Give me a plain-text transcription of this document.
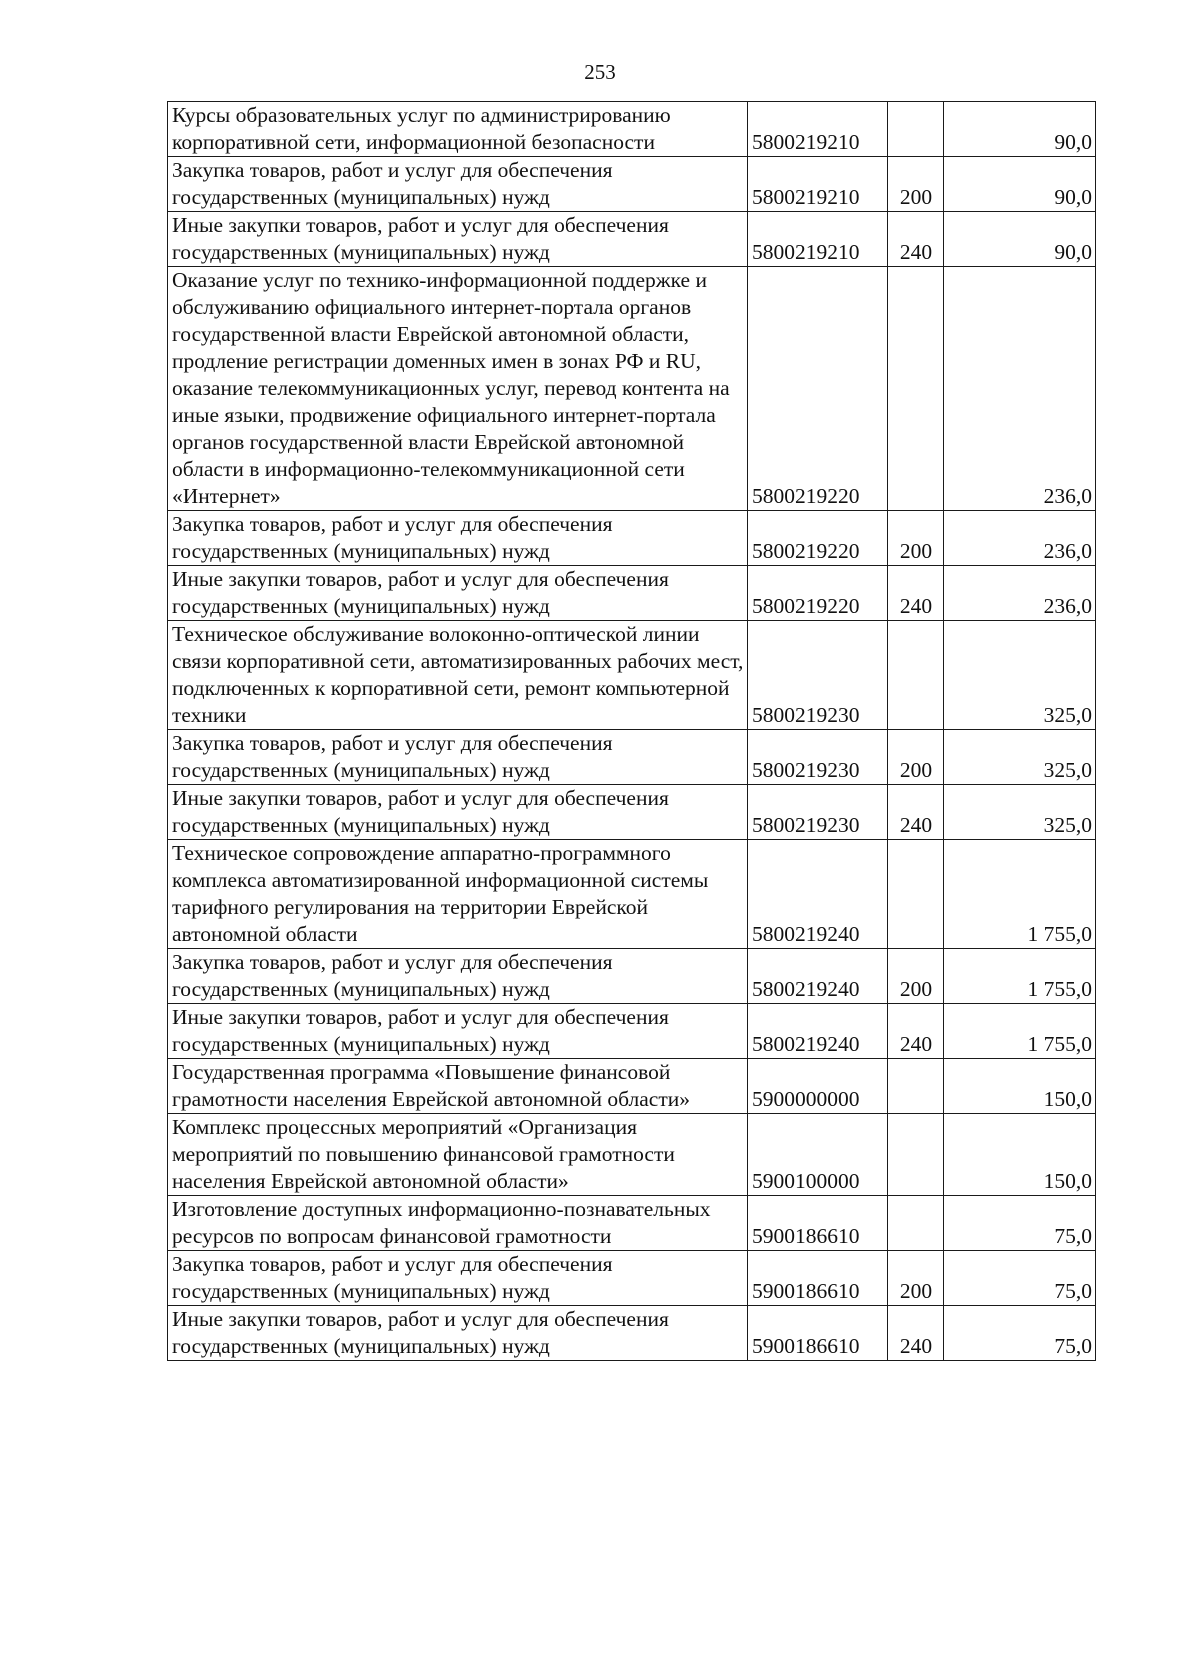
253
Курсы образовательных услуг по администрированию корпоративной сети, информационной безопасности	5800219210		90,0
Закупка товаров, работ и услуг для обеспечения государственных (муниципальных) нужд	5800219210	200	90,0
Иные закупки товаров, работ и услуг для обеспечения государственных (муниципальных) нужд	5800219210	240	90,0
Оказание услуг по технико-информационной поддержке и обслуживанию официального интернет-портала органов государственной власти Еврейской автономной области, продление регистрации доменных имен в зонах РФ и RU, оказание телекоммуникационных услуг, перевод контента на иные языки, продвижение официального интернет-портала органов государственной власти Еврейской автономной области в информационно-телекоммуникационной сети «Интернет»	5800219220		236,0
Закупка товаров, работ и услуг для обеспечения государственных (муниципальных) нужд	5800219220	200	236,0
Иные закупки товаров, работ и услуг для обеспечения государственных (муниципальных) нужд	5800219220	240	236,0
Техническое обслуживание волоконно-оптической линии связи корпоративной сети, автоматизированных рабочих мест, подключенных к корпоративной сети, ремонт компьютерной техники	5800219230		325,0
Закупка товаров, работ и услуг для обеспечения государственных (муниципальных) нужд	5800219230	200	325,0
Иные закупки товаров, работ и услуг для обеспечения государственных (муниципальных) нужд	5800219230	240	325,0
Техническое сопровождение аппаратно-программного комплекса автоматизированной информационной системы тарифного регулирования на территории Еврейской автономной области	5800219240		1 755,0
Закупка товаров, работ и услуг для обеспечения государственных (муниципальных) нужд	5800219240	200	1 755,0
Иные закупки товаров, работ и услуг для обеспечения государственных (муниципальных) нужд	5800219240	240	1 755,0
Государственная программа «Повышение финансовой грамотности населения Еврейской автономной области»	5900000000		150,0
Комплекс процессных мероприятий «Организация мероприятий по повышению финансовой грамотности населения Еврейской автономной области»	5900100000		150,0
Изготовление доступных информационно-познавательных ресурсов по вопросам финансовой грамотности	5900186610		75,0
Закупка товаров, работ и услуг для обеспечения государственных (муниципальных) нужд	5900186610	200	75,0
Иные закупки товаров, работ и услуг для обеспечения государственных (муниципальных) нужд	5900186610	240	75,0
